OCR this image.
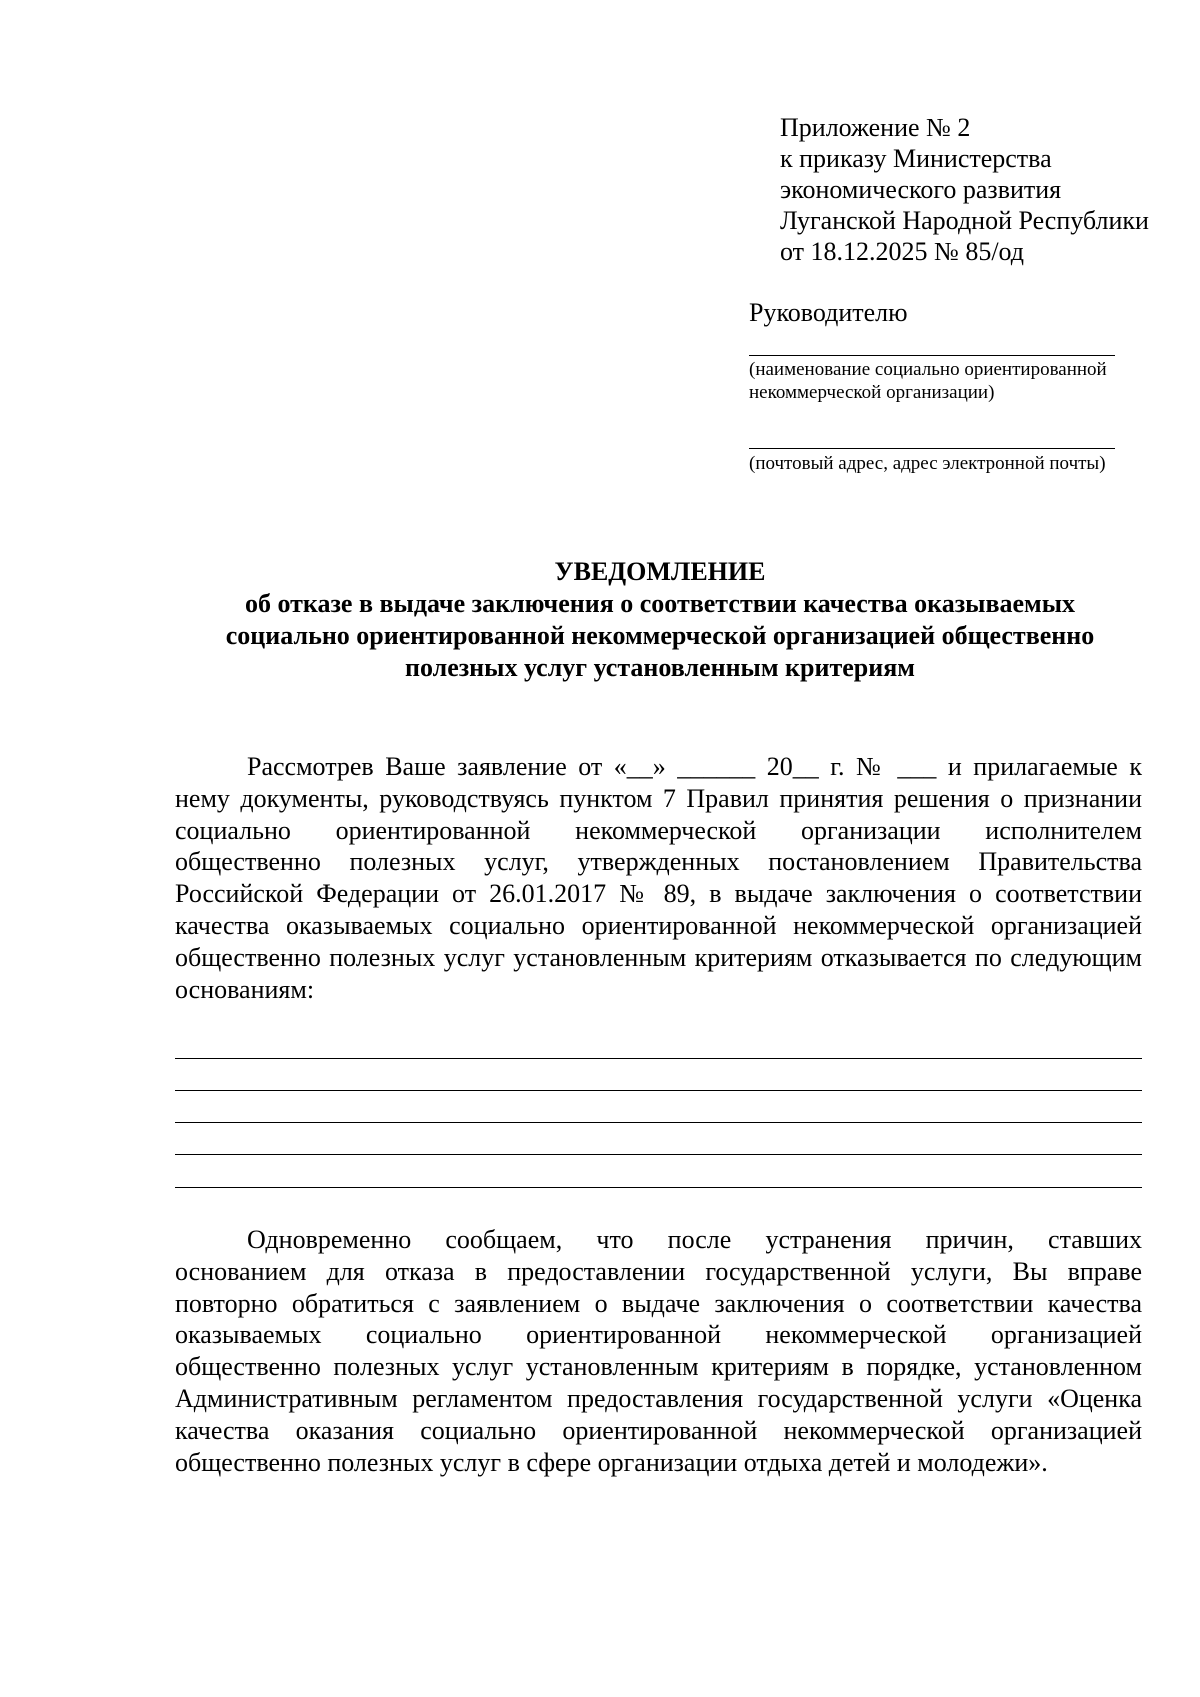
Приложение № 2
к приказу Министерства
экономического развития
Луганской Народной Республики
от 18.12.2025 № 85/од
Руководителю
(наименование социально ориентированной
некоммерческой организации)
(почтовый адрес, адрес электронной почты)
УВЕДОМЛЕНИЕ
об отказе в выдаче заключения о соответствии качества оказываемых
социально ориентированной некоммерческой организацией общественно
полезных услуг установленным критериям
Рассмотрев Ваше заявление от «__» ______ 20__ г. № ___ и прилагаемые к
нему документы, руководствуясь пунктом 7 Правил принятия решения о признании
социально ориентированной некоммерческой организации исполнителем
общественно полезных услуг, утвержденных постановлением Правительства
Российской Федерации от 26.01.2017 № 89, в выдаче заключения о соответствии
качества оказываемых социально ориентированной некоммерческой организацией
общественно полезных услуг установленным критериям отказывается по следующим
основаниям:
Одновременно сообщаем, что после устранения причин, ставших
основанием для отказа в предоставлении государственной услуги, Вы вправе
повторно обратиться с заявлением о выдаче заключения о соответствии качества
оказываемых социально ориентированной некоммерческой организацией
общественно полезных услуг установленным критериям в порядке, установленном
Административным регламентом предоставления государственной услуги «Оценка
качества оказания социально ориентированной некоммерческой организацией
общественно полезных услуг в сфере организации отдыха детей и молодежи».
